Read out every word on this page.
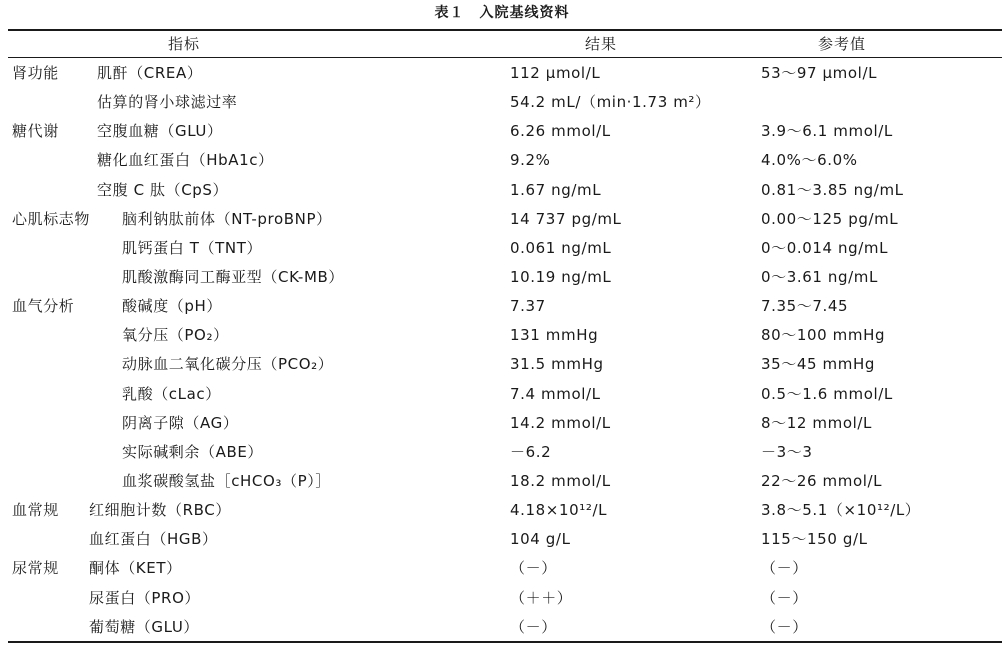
表１　入院基线资料
指标	结果	参考值
肾功能	肌酐（CREA）	112 μmol/L	53～97 μmol/L
估算的肾小球滤过率	54.2 mL/（min·1.73 m²）
糖代谢	空腹血糖（GLU）	6.26 mmol/L	3.9～6.1 mmol/L
糖化血红蛋白（HbA1c）	9.2%	4.0%～6.0%
空腹 C 肽（CpS）	1.67 ng/mL	0.81～3.85 ng/mL
心肌标志物 脑利钠肽前体（NT-proBNP）	14 737 pg/mL	0.00～125 pg/mL
肌钙蛋白 T（TNT）	0.061 ng/mL	0～0.014 ng/mL
肌酸激酶同工酶亚型（CK-MB）	10.19 ng/mL	0～3.61 ng/mL
血气分析	酸碱度（pH）	7.37	7.35～7.45
氧分压（PO₂）	131 mmHg	80～100 mmHg
动脉血二氧化碳分压（PCO₂）	31.5 mmHg	35～45 mmHg
乳酸（cLac）	7.4 mmol/L	0.5～1.6 mmol/L
阴离子隙（AG）	14.2 mmol/L	8～12 mmol/L
实际碱剩余（ABE）	－6.2	－3～3
血浆碳酸氢盐［cHCO₃（P）］	18.2 mmol/L	22～26 mmol/L
血常规 红细胞计数（RBC）	4.18×10¹²/L	3.8～5.1（×10¹²/L）
血红蛋白（HGB）	104 g/L	115～150 g/L
尿常规 酮体（KET）	（－）	（－）
尿蛋白（PRO）	（＋＋）	（－）
葡萄糖（GLU）	（－）	（－）
